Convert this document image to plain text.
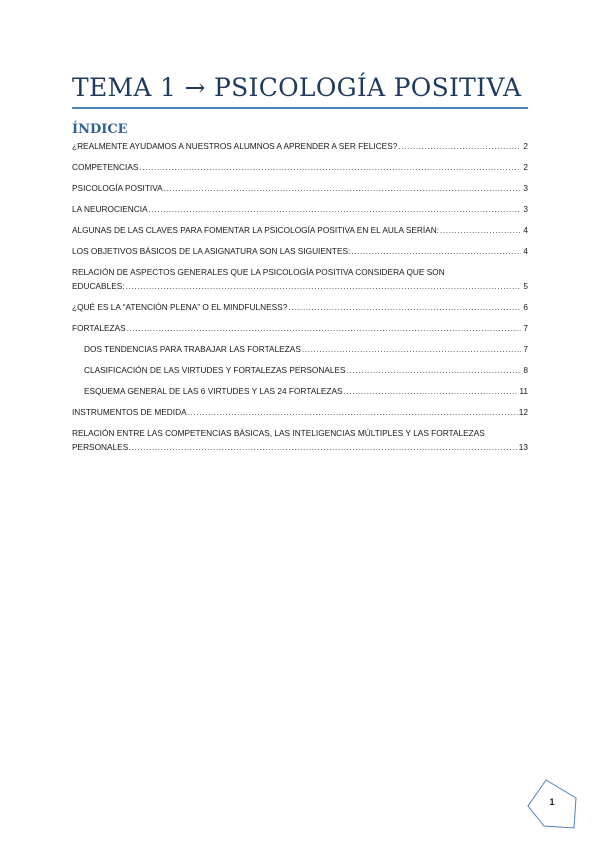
TEMA 1 → PSICOLOGÍA POSITIVA
ÍNDICE
¿REALMENTE AYUDAMOS A NUESTROS ALUMNOS A APRENDER A SER FELICES? .....	2
COMPETENCIAS .....	2
PSICOLOGÍA POSITIVA .....	3
LA NEUROCIENCIA .....	3
ALGUNAS DE LAS CLAVES PARA FOMENTAR LA PSICOLOGÍA POSITIVA EN EL AULA SERÍAN: .....	4
LOS OBJETIVOS BÁSICOS DE LA ASIGNATURA SON LAS SIGUIENTES: .....	4
RELACIÓN DE ASPECTOS GENERALES QUE LA PSICOLOGÍA POSITIVA CONSIDERA QUE SON
EDUCABLES: .....	5
¿QUÉ ES LA “ATENCIÓN PLENA” O EL MINDFULNESS? .....	6
FORTALEZAS .....	7
DOS TENDENCIAS PARA TRABAJAR LAS FORTALEZAS .....	7
CLASIFICACIÓN DE LAS VIRTUDES Y FORTALEZAS PERSONALES .....	8
ESQUEMA GENERAL DE LAS 6 VIRTUDES Y LAS 24 FORTALEZAS .....	11
INSTRUMENTOS DE MEDIDA .....	12
RELACIÓN ENTRE LAS COMPETENCIAS BÁSICAS, LAS INTELIGENCIAS MÚLTIPLES Y LAS FORTALEZAS
PERSONALES. .....	13
1
